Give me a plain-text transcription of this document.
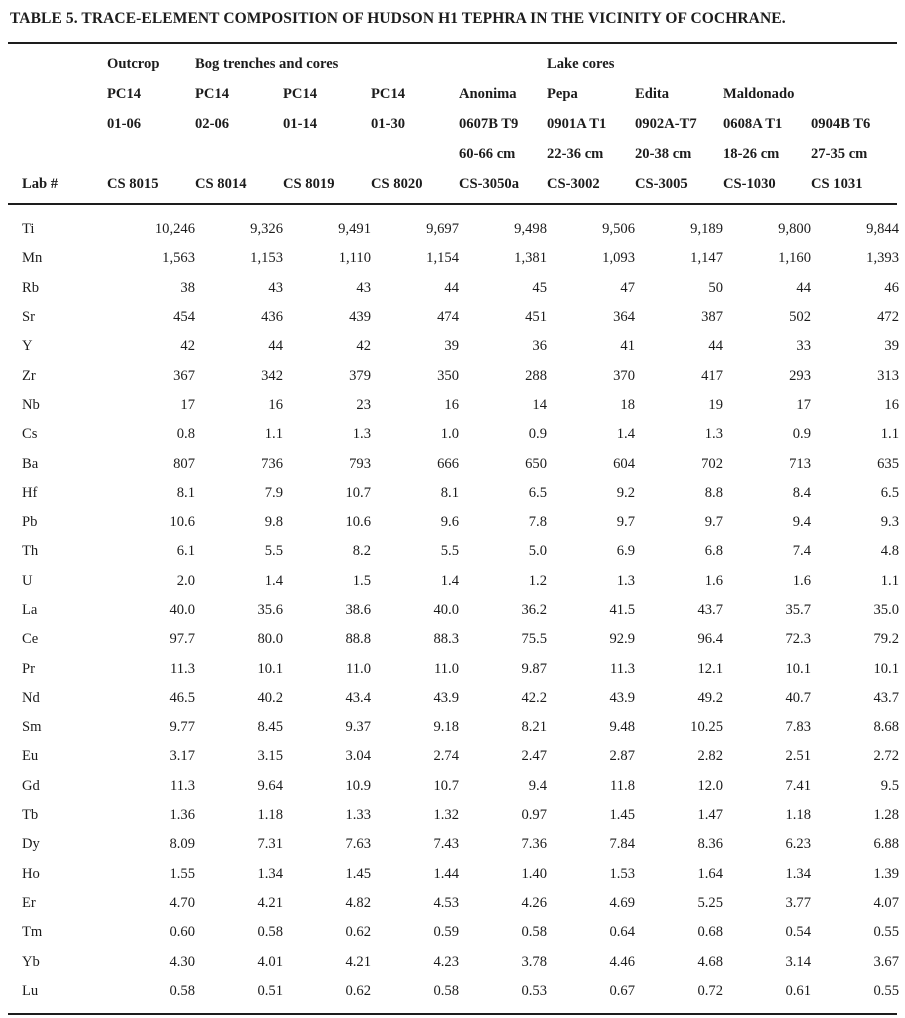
TABLE 5. TRACE-ELEMENT COMPOSITION OF HUDSON H1 TEPHRA IN THE VICINITY OF COCHRANE.
	Outcrop	Bog trenches and cores				Lake cores			
	PC14	PC14	PC14	PC14	Anonima	Pepa	Edita	Maldonado	
	01-06	02-06	01-14	01-30	0607B T9	0901A T1	0902A-T7	0608A T1	0904B T6
					60-66 cm	22-36 cm	20-38 cm	18-26 cm	27-35 cm
Lab #	CS 8015	CS 8014	CS 8019	CS 8020	CS-3050a	CS-3002	CS-3005	CS-1030	CS 1031
Ti	10,246	9,326	9,491	9,697	9,498	9,506	9,189	9,800	9,844
Mn	1,563	1,153	1,110	1,154	1,381	1,093	1,147	1,160	1,393
Rb	38	43	43	44	45	47	50	44	46
Sr	454	436	439	474	451	364	387	502	472
Y	42	44	42	39	36	41	44	33	39
Zr	367	342	379	350	288	370	417	293	313
Nb	17	16	23	16	14	18	19	17	16
Cs	0.8	1.1	1.3	1.0	0.9	1.4	1.3	0.9	1.1
Ba	807	736	793	666	650	604	702	713	635
Hf	8.1	7.9	10.7	8.1	6.5	9.2	8.8	8.4	6.5
Pb	10.6	9.8	10.6	9.6	7.8	9.7	9.7	9.4	9.3
Th	6.1	5.5	8.2	5.5	5.0	6.9	6.8	7.4	4.8
U	2.0	1.4	1.5	1.4	1.2	1.3	1.6	1.6	1.1
La	40.0	35.6	38.6	40.0	36.2	41.5	43.7	35.7	35.0
Ce	97.7	80.0	88.8	88.3	75.5	92.9	96.4	72.3	79.2
Pr	11.3	10.1	11.0	11.0	9.87	11.3	12.1	10.1	10.1
Nd	46.5	40.2	43.4	43.9	42.2	43.9	49.2	40.7	43.7
Sm	9.77	8.45	9.37	9.18	8.21	9.48	10.25	7.83	8.68
Eu	3.17	3.15	3.04	2.74	2.47	2.87	2.82	2.51	2.72
Gd	11.3	9.64	10.9	10.7	9.4	11.8	12.0	7.41	9.5
Tb	1.36	1.18	1.33	1.32	0.97	1.45	1.47	1.18	1.28
Dy	8.09	7.31	7.63	7.43	7.36	7.84	8.36	6.23	6.88
Ho	1.55	1.34	1.45	1.44	1.40	1.53	1.64	1.34	1.39
Er	4.70	4.21	4.82	4.53	4.26	4.69	5.25	3.77	4.07
Tm	0.60	0.58	0.62	0.59	0.58	0.64	0.68	0.54	0.55
Yb	4.30	4.01	4.21	4.23	3.78	4.46	4.68	3.14	3.67
Lu	0.58	0.51	0.62	0.58	0.53	0.67	0.72	0.61	0.55
